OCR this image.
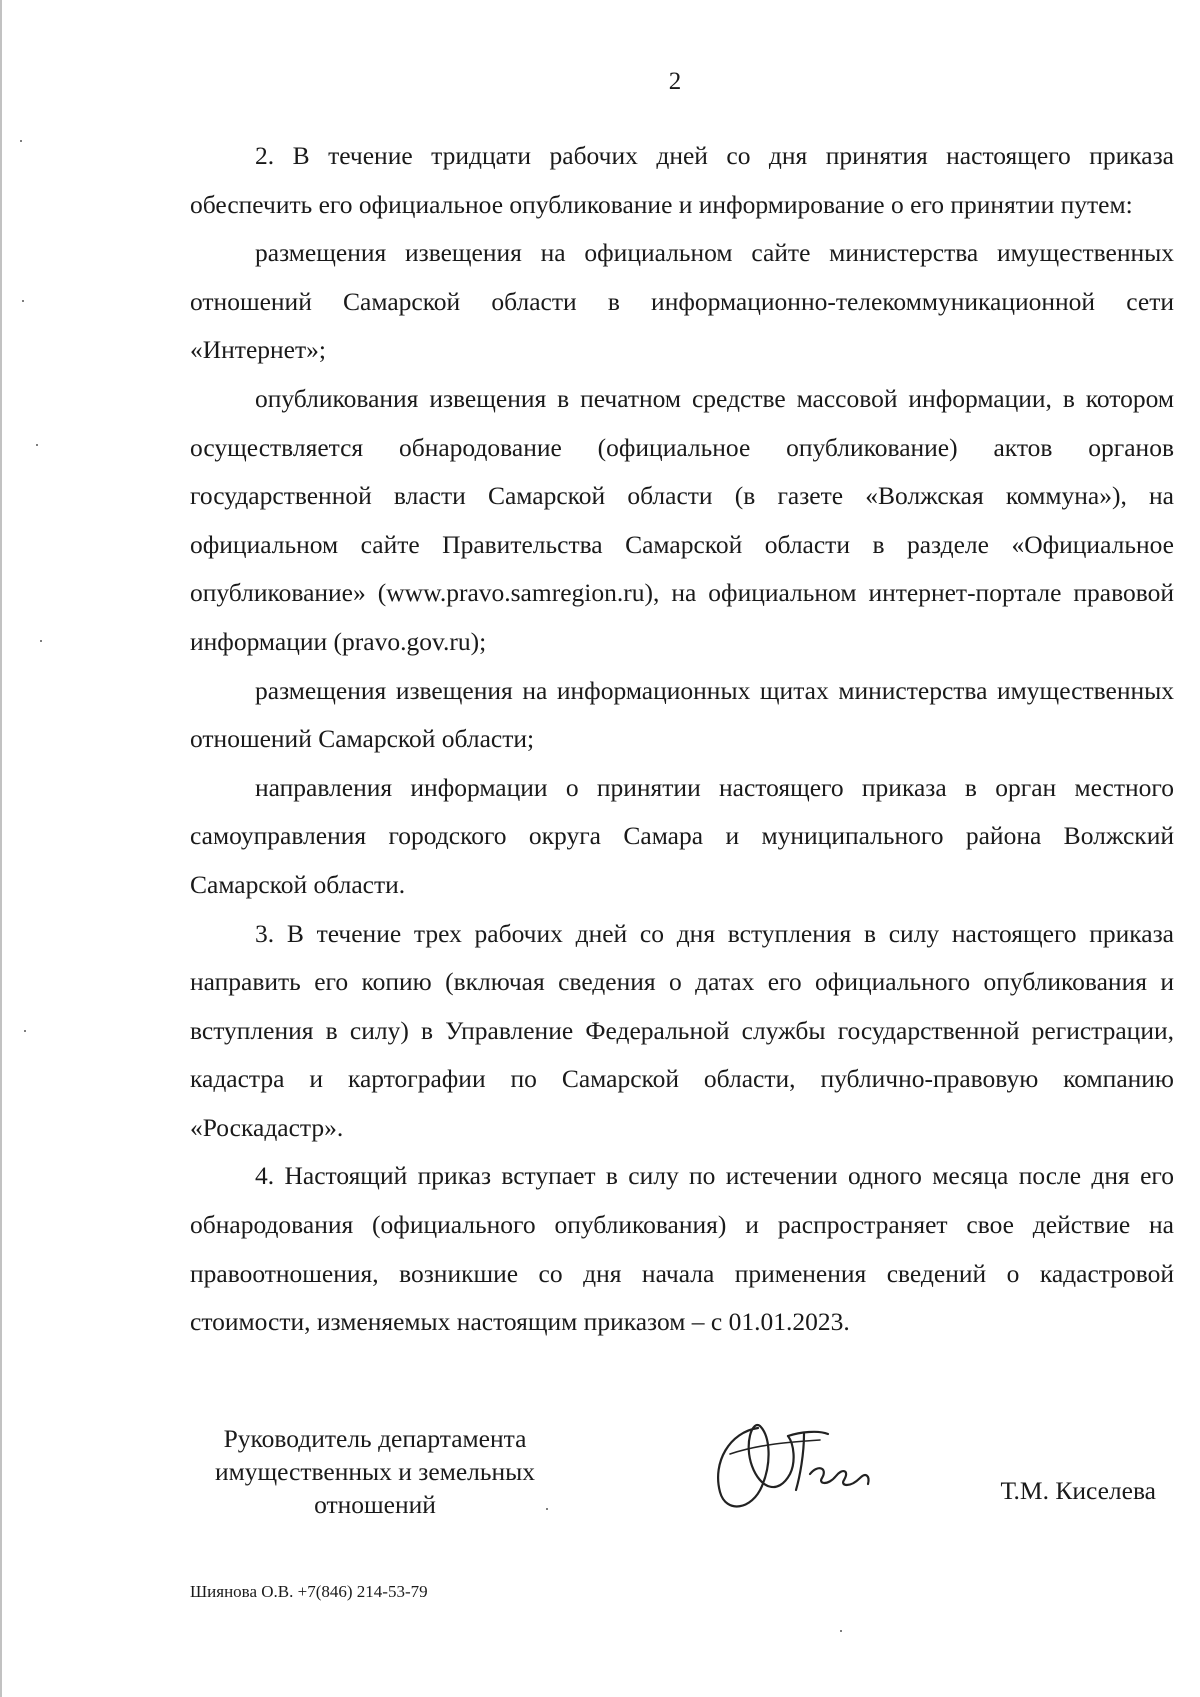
2

2. В течение тридцати рабочих дней со дня принятия настоящего приказа обеспечить его официальное опубликование и информирование о его принятии путем:

размещения извещения на официальном сайте министерства имущественных отношений Самарской области в информационно-телекоммуникационной сети «Интернет»;

опубликования извещения в печатном средстве массовой информации, в котором осуществляется обнародование (официальное опубликование) актов органов государственной власти Самарской области (в газете «Волжская коммуна»), на официальном сайте Правительства Самарской области в разделе «Официальное опубликование» (www.pravo.samregion.ru), на официальном интернет-портале правовой информации (pravo.gov.ru);

размещения извещения на информационных щитах министерства имущественных отношений Самарской области;

направления информации о принятии настоящего приказа в орган местного самоуправления городского округа Самара и муниципального района Волжский Самарской области.

3. В течение трех рабочих дней со дня вступления в силу настоящего приказа направить его копию (включая сведения о датах его официального опубликования и вступления в силу) в Управление Федеральной службы государственной регистрации, кадастра и картографии по Самарской области, публично-правовую компанию «Роскадастр».

4. Настоящий приказ вступает в силу по истечении одного месяца после дня его обнародования (официального опубликования) и распространяет свое действие на правоотношения, возникшие со дня начала применения сведений о кадастровой стоимости, изменяемых настоящим приказом – с 01.01.2023.

Руководитель департамента
имущественных и земельных
отношений	Т.М. Киселева
Шиянова О.В. +7(846) 214-53-79
